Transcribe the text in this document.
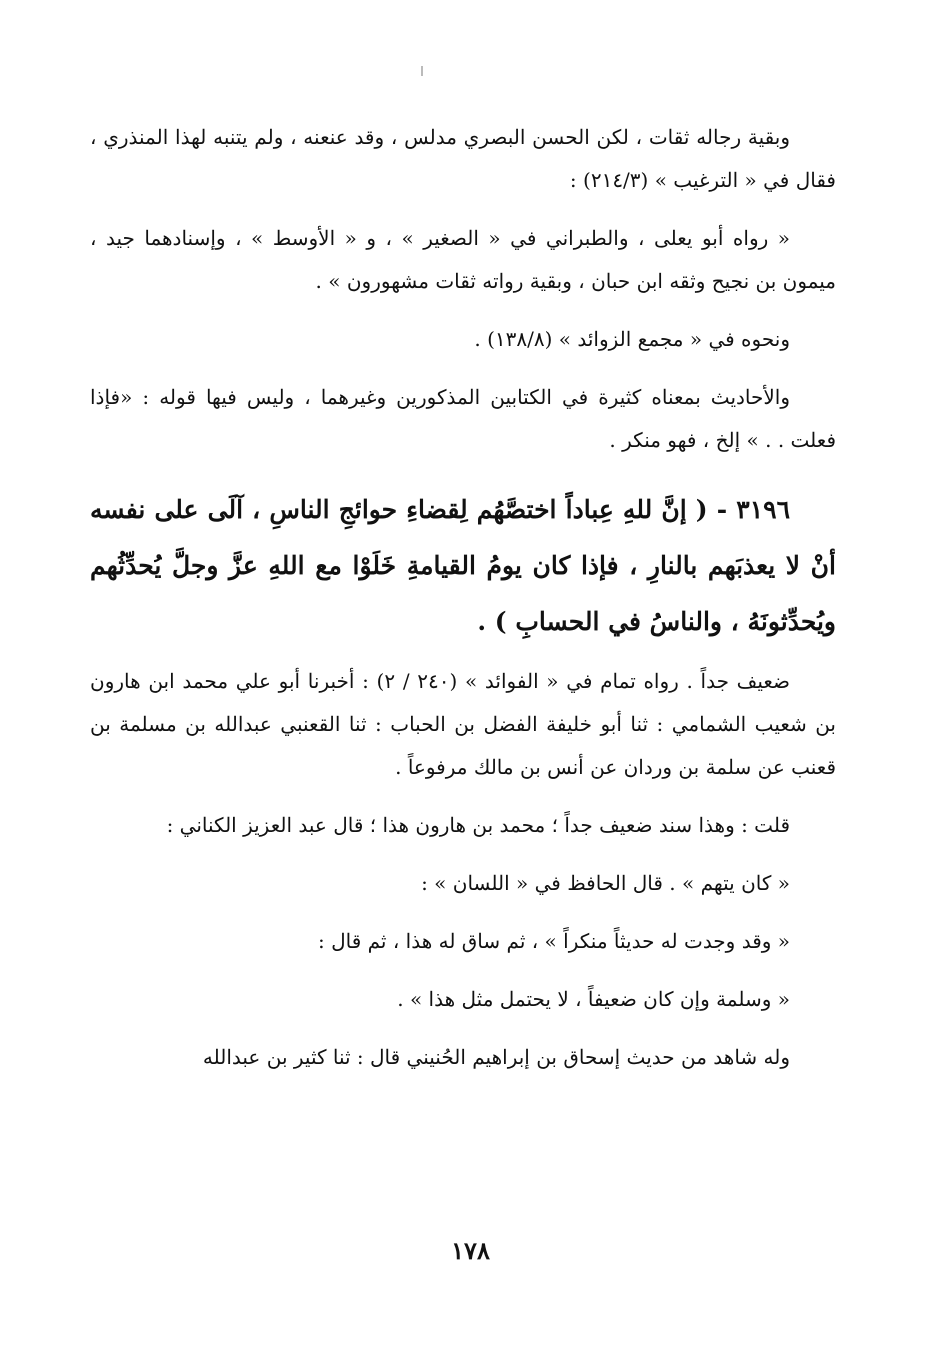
وبقية رجاله ثقات ، لكن الحسن البصري مدلس ، وقد عنعنه ، ولم يتنبه لهذا المنذري ، فقال في « الترغيب » (٢١٤/٣) :

« رواه أبو يعلى ، والطبراني في « الصغير » ، و « الأوسط » ، وإسنادهما جيد ، ميمون بن نجيح وثقه ابن حبان ، وبقية رواته ثقات مشهورون » .

ونحوه في « مجمع الزوائد » (١٣٨/٨) .

والأحاديث بمعناه كثيرة في الكتابين المذكورين وغيرهما ، وليس فيها قوله : «فإذا فعلت . . » إلخ ، فهو منكر .

٣١٩٦ - ( إنَّ للهِ عِباداً اختصَّهُم لِقضاءِ حوائجِ الناسِ ، آلَى على نفسه أنْ لا يعذبَهم بالنارِ ، فإذا كان يومُ القيامةِ خَلَوْا مع اللهِ عزَّ وجلَّ يُحدِّثُهم ويُحدِّثونَهُ ، والناسُ في الحسابِ ) .

ضعيف جداً . رواه تمام في « الفوائد » (٢٤٠ / ٢) : أخبرنا أبو علي محمد ابن هارون بن شعيب الشمامي : ثنا أبو خليفة الفضل بن الحباب : ثنا القعنبي عبدالله بن مسلمة بن قعنب عن سلمة بن وردان عن أنس بن مالك مرفوعاً .

قلت : وهذا سند ضعيف جداً ؛ محمد بن هارون هذا ؛ قال عبد العزيز الكناني :

« كان يتهم » . قال الحافظ في « اللسان » :

« وقد وجدت له حديثاً منكراً » ، ثم ساق له هذا ، ثم قال :

« وسلمة وإن كان ضعيفاً ، لا يحتمل مثل هذا » .

وله شاهد من حديث إسحاق بن إبراهيم الحُنيني قال : ثنا كثير بن عبدالله

١٧٨
